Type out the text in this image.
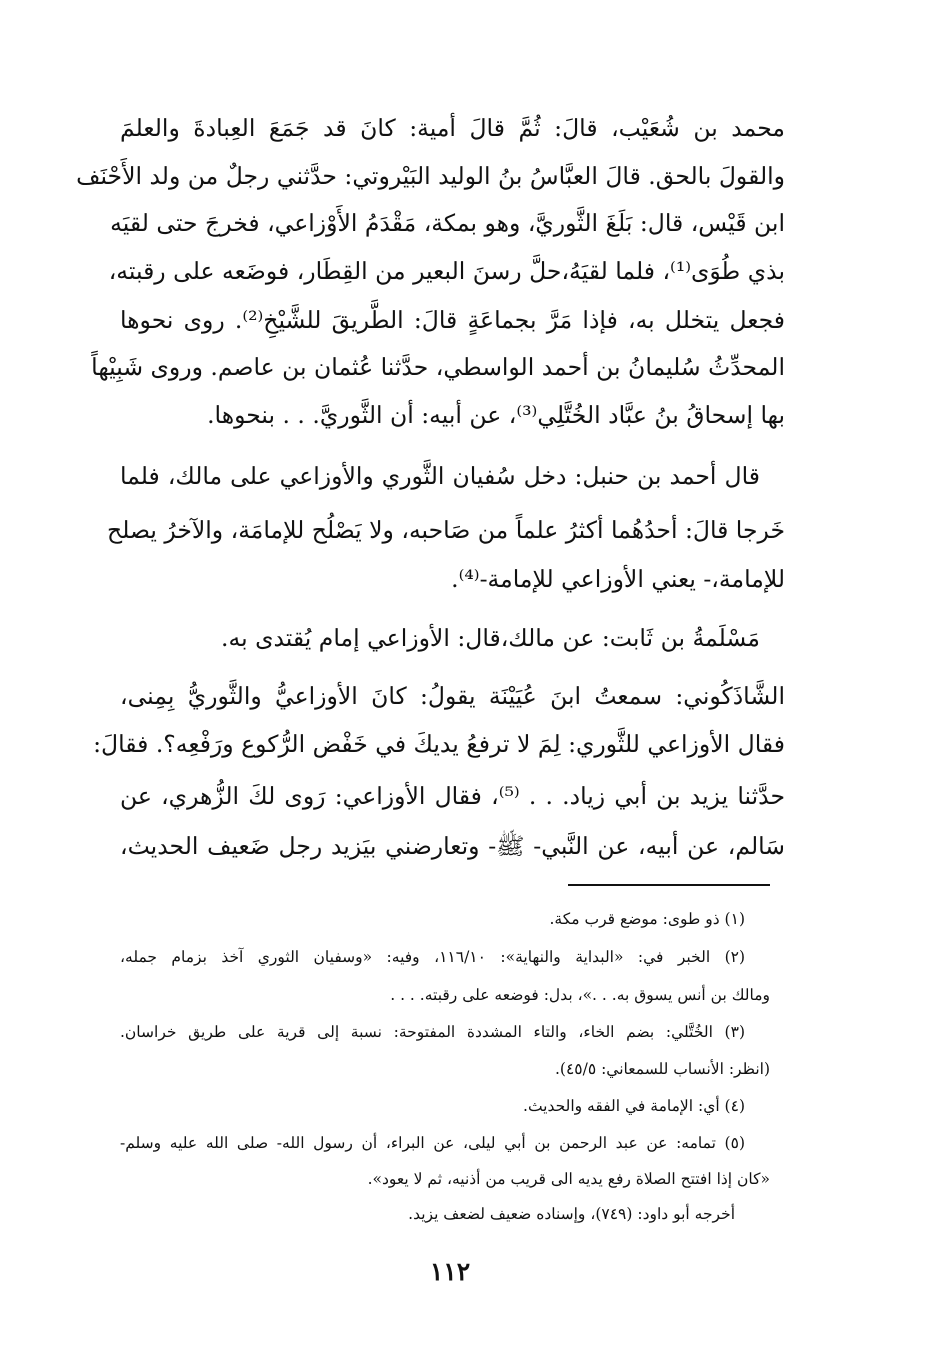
محمد بن شُعَيْب، قالَ: ثُمَّ قالَ أمية: كانَ قد جَمَعَ العِبادةَ والعلمَ
والقولَ بالحق. قالَ العبَّاسُ بنُ الوليد البَيْروتي: حدَّثني رجلٌ من ولد الأَحْنَف
ابن قَيْس، قال: بَلَغَ الثَّوريَّ، وهو بمكة، مَقْدَمُ الأَوْزاعي، فخرجَ حتى لقيَه
بذي طُوَى⁽¹⁾، فلما لقيَهُ،حلَّ رسنَ البعير من القِطَار، فوضَعه على رقبته،
فجعل يتخلل به، فإذا مَرَّ بجماعَةٍ قالَ: الطَّريقَ للشَّيْخِ⁽²⁾. روى نحوها
المحدِّثُ سُليمانُ بن أحمد الواسطي، حدَّثنا عُثمان بن عاصم. وروى شَبِيْهاً
بها إسحاقُ بنُ عبَّاد الخُتَّلِي⁽³⁾، عن أبيه: أن الثَّوريَّ. . . بنحوها.
قال أحمد بن حنبل: دخل سُفيان الثَّوري والأوزاعي على مالك، فلما
خَرجا قالَ: أحدُهُما أكثرُ علماً من صَاحبه، ولا يَصْلُح للإمامَة، والآخرُ يصلح
للإمامة،- يعني الأوزاعي للإمامة-⁽⁴⁾.
مَسْلَمةُ بن ثَابت: عن مالك،قال: الأوزاعي إمام يُقتدى به.
الشَّاذَكُوني: سمعتُ ابنَ عُيَيْنَة يقولُ: كانَ الأوزاعيُّ والثَّوريُّ بِمِنى،
فقال الأوزاعي للثَّوري: لِمَ لا ترفعُ يديكَ في خَفْض الرُّكوع ورَفْعِه؟. فقالَ:
حدَّثنا يزيد بن أبي زياد. . . ⁽⁵⁾، فقال الأوزاعي: رَوى لكَ الزُّهري، عن
سَالم، عن أبيه، عن النَّبي- ﷺ- وتعارضني بيَزيد رجل ضَعيف الحديث،
(١) ذو طوى: موضع قرب مكة.
(٢) الخبر في: «البداية والنهاية»: ١١٦/١٠، وفيه: «وسفيان الثوري آخذ بزمام جمله،
ومالك بن أنس يسوق به. . .»، بدل: فوضعه على رقبته. . . .
(٣) الخُتَّلي: بضم الخاء، والتاء المشددة المفتوحة: نسبة إلى قرية على طريق خراسان.
(انظر: الأنساب للسمعاني: ٤٥/٥).
(٤) أي: الإمامة في الفقه والحديث.
(٥) تمامه: عن عبد الرحمن بن أبي ليلى، عن البراء، أن رسول الله- صلى الله عليه وسلم-
«كان إذا افتتح الصلاة رفع يديه الى قريب من أذنيه، ثم لا يعود».
أخرجه أبو داود: (٧٤٩)، وإسناده ضعيف لضعف يزيد.
١١٢
